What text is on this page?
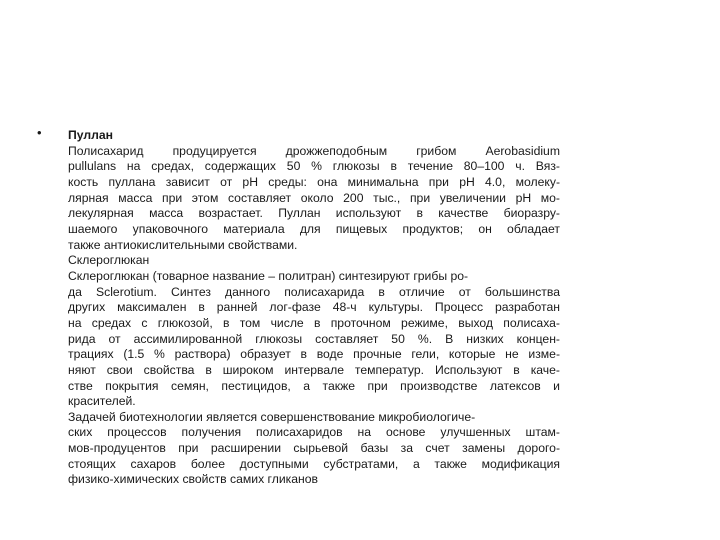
• Пуллан
Полисахарид продуцируется дрожжеподобным грибом Aerobasidium
pullulans на средах, содержащих 50 % глюкозы в течение 80–100 ч. Вяз-
кость пуллана зависит от pH среды: она минимальна при pH 4.0, молеку-
лярная масса при этом составляет около 200 тыс., при увеличении pH мо-
лекулярная масса возрастает. Пуллан используют в качестве биоразру-
шаемого упаковочного материала для пищевых продуктов; он обладает
также антиокислительными свойствами.
Склероглюкан
Склероглюкан (товарное название – политран) синтезируют грибы ро-
да Sclerotium. Синтез данного полисахарида в отличие от большинства
других максимален в ранней лог-фазе 48-ч культуры. Процесс разработан
на средах с глюкозой, в том числе в проточном режиме, выход полисаха-
рида от ассимилированной глюкозы составляет 50 %. В низких концен-
трациях (1.5 % раствора) образует в воде прочные гели, которые не изме-
няют свои свойства в широком интервале температур. Используют в каче-
стве покрытия семян, пестицидов, а также при производстве латексов и
красителей.
Задачей биотехнологии является совершенствование микробиологиче-
ских процессов получения полисахаридов на основе улучшенных штам-
мов-продуцентов при расширении сырьевой базы за счет замены дорого-
стоящих сахаров более доступными субстратами, а также модификация
физико-химических свойств самих гликанов
